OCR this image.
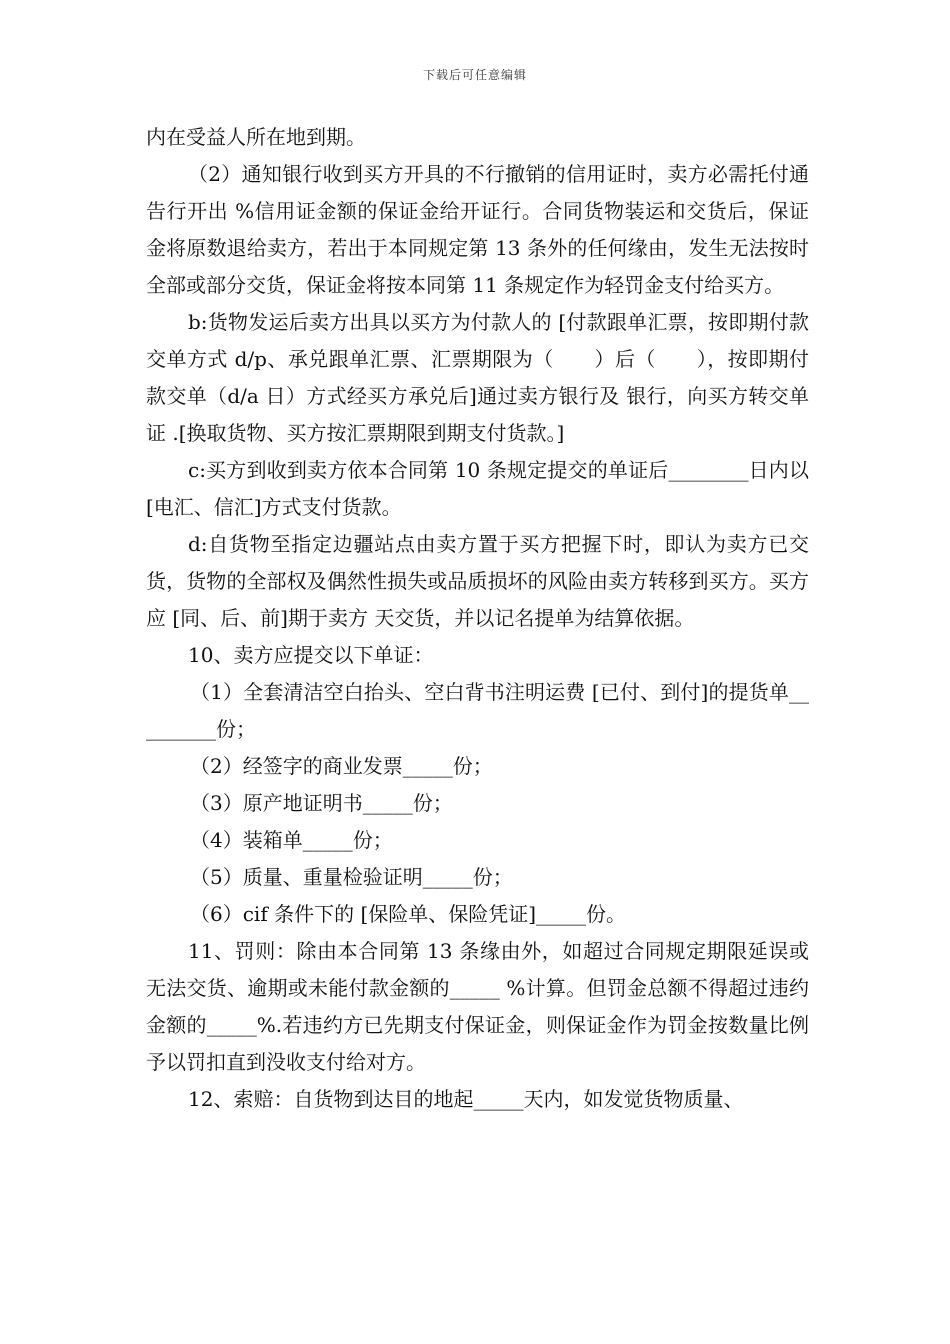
下载后可任意编辑

内在受益人所在地到期。

（2）通知银行收到买方开具的不行撤销的信用证时，卖方必需托付通告行开出 %信用证金额的保证金给开证行。合同货物装运和交货后，保证金将原数退给卖方，若出于本同规定第 13 条外的任何缘由，发生无法按时全部或部分交货，保证金将按本同第 11 条规定作为轻罚金支付给买方。

b:货物发运后卖方出具以买方为付款人的 [付款跟单汇票，按即期付款交单方式 d/p、承兑跟单汇票、汇票期限为（　　）后（　　），按即期付款交单（d/a 日）方式经买方承兑后]通过卖方银行及 银行，向买方转交单证 .[换取货物、买方按汇票期限到期支付货款。]

c:买方到收到卖方依本合同第 10 条规定提交的单证后________日内以[电汇、信汇]方式支付货款。

d:自货物至指定边疆站点由卖方置于买方把握下时，即认为卖方已交货，货物的全部权及偶然性损失或品质损坏的风险由卖方转移到买方。买方应 [同、后、前]期于卖方 天交货，并以记名提单为结算依据。

10、卖方应提交以下单证：

（1）全套清洁空白抬头、空白背书注明运费 [已付、到付]的提货单_________份；

（2）经签字的商业发票_____份；

（3）原产地证明书_____份；

（4）装箱单_____份；

（5）质量、重量检验证明_____份；

（6）cif 条件下的 [保险单、保险凭证]_____份。

11、罚则：除由本合同第 13 条缘由外，如超过合同规定期限延误或无法交货、逾期或未能付款金额的_____ %计算。但罚金总额不得超过违约金额的_____%.若违约方已先期支付保证金，则保证金作为罚金按数量比例予以罚扣直到没收支付给对方。

12、索赔：自货物到达目的地起_____天内，如发觉货物质量、
